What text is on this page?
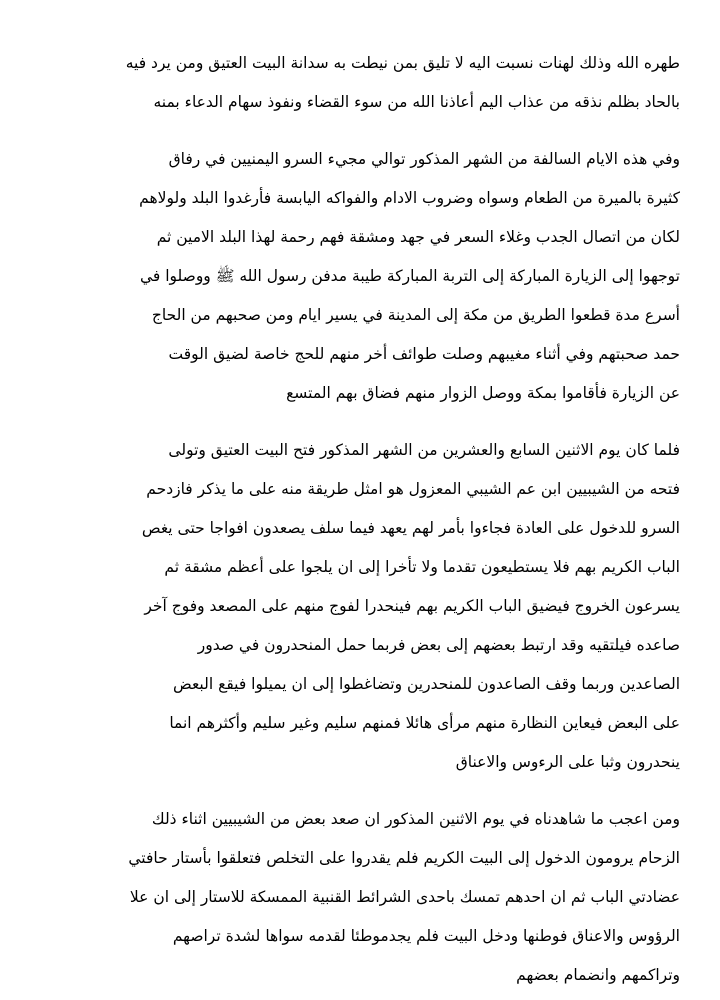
طهره الله وذلك لهنات نسبت اليه لا تليق بمن نيطت به سدانة البيت العتيق ومن يرد فيه
بالحاد بظلم نذقه من عذاب اليم أعاذنا الله من سوء القضاء ونفوذ سهام الدعاء بمنه
وفي هذه الايام السالفة من الشهر المذكور توالي مجيء السرو اليمنيين في رفاق
كثيرة بالميرة من الطعام وسواه وضروب الادام والفواكه اليابسة فأرغدوا البلد ولولاهم
لكان من اتصال الجدب وغلاء السعر في جهد ومشقة فهم رحمة لهذا البلد الامين ثم
توجهوا إلى الزيارة المباركة إلى التربة المباركة طيبة مدفن رسول الله ﷺ ووصلوا في
أسرع مدة قطعوا الطريق من مكة إلى المدينة في يسير ايام ومن صحبهم من الحاج
حمد صحبتهم وفي أثناء مغيبهم وصلت طوائف أخر منهم للحج خاصة لضيق الوقت
عن الزيارة فأقاموا بمكة ووصل الزوار منهم فضاق بهم المتسع
فلما كان يوم الاثنين السابع والعشرين من الشهر المذكور فتح البيت العتيق وتولى
فتحه من الشيبيين ابن عم الشيبي المعزول هو امثل طريقة منه على ما يذكر فازدحم
السرو للدخول على العادة فجاءوا بأمر لهم يعهد فيما سلف يصعدون افواجا حتى يغص
الباب الكريم بهم فلا يستطيعون تقدما ولا تأخرا إلى ان يلجوا على أعظم مشقة ثم
يسرعون الخروج فيضيق الباب الكريم بهم فينحدرا لفوج منهم على المصعد وفوج آخر
صاعده فيلتقيه وقد ارتبط بعضهم إلى بعض فربما حمل المنحدرون في صدور
الصاعدين وربما وقف الصاعدون للمنحدرين وتضاغطوا إلى ان يميلوا فيقع البعض
على البعض فيعاين النظارة منهم مرأى هائلا فمنهم سليم وغير سليم وأكثرهم انما
ينحدرون وثبا على الرءوس والاعناق
ومن اعجب ما شاهدناه في يوم الاثنين المذكور ان صعد بعض من الشيبيين اثناء ذلك
الزحام يرومون الدخول إلى البيت الكريم فلم يقدروا على التخلص فتعلقوا بأستار حافتي
عضادتي الباب ثم ان احدهم تمسك باحدى الشرائط القنبية الممسكة للاستار إلى ان علا
الرؤوس والاعناق فوطنها ودخل البيت فلم يجدموطئا لقدمه سواها لشدة تراصهم
وتراكمهم وانضمام بعضهم
